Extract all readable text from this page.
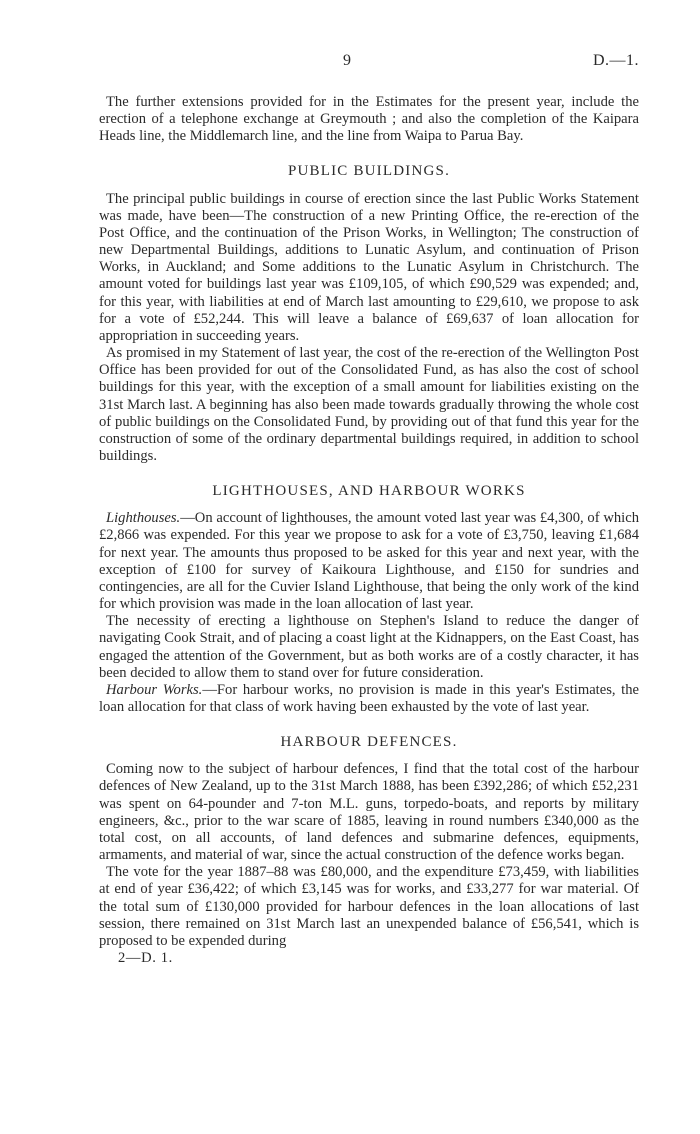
9	D.—1.

The further extensions provided for in the Estimates for the present year, include the erection of a telephone exchange at Greymouth ; and also the completion of the Kaipara Heads line, the Middlemarch line, and the line from Waipa to Parua Bay.

PUBLIC BUILDINGS.

The principal public buildings in course of erection since the last Public Works Statement was made, have been—The construction of a new Printing Office, the re-erection of the Post Office, and the continuation of the Prison Works, in Wellington; The construction of new Departmental Buildings, additions to Lunatic Asylum, and continuation of Prison Works, in Auckland; and Some additions to the Lunatic Asylum in Christchurch. The amount voted for buildings last year was £109,105, of which £90,529 was expended; and, for this year, with liabilities at end of March last amounting to £29,610, we propose to ask for a vote of £52,244. This will leave a balance of £69,637 of loan allocation for appropriation in succeeding years.

As promised in my Statement of last year, the cost of the re-erection of the Wellington Post Office has been provided for out of the Consolidated Fund, as has also the cost of school buildings for this year, with the exception of a small amount for liabilities existing on the 31st March last. A beginning has also been made towards gradually throwing the whole cost of public buildings on the Consolidated Fund, by providing out of that fund this year for the construction of some of the ordinary departmental buildings required, in addition to school buildings.

LIGHTHOUSES, AND HARBOUR WORKS

Lighthouses.—On account of lighthouses, the amount voted last year was £4,300, of which £2,866 was expended. For this year we propose to ask for a vote of £3,750, leaving £1,684 for next year. The amounts thus proposed to be asked for this year and next year, with the exception of £100 for survey of Kaikoura Lighthouse, and £150 for sundries and contingencies, are all for the Cuvier Island Lighthouse, that being the only work of the kind for which provision was made in the loan allocation of last year.

The necessity of erecting a lighthouse on Stephen's Island to reduce the danger of navigating Cook Strait, and of placing a coast light at the Kidnappers, on the East Coast, has engaged the attention of the Government, but as both works are of a costly character, it has been decided to allow them to stand over for future consideration.

Harbour Works.—For harbour works, no provision is made in this year's Estimates, the loan allocation for that class of work having been exhausted by the vote of last year.

HARBOUR DEFENCES.

Coming now to the subject of harbour defences, I find that the total cost of the harbour defences of New Zealand, up to the 31st March 1888, has been £392,286; of which £52,231 was spent on 64-pounder and 7-ton M.L. guns, torpedo-boats, and reports by military engineers, &c., prior to the war scare of 1885, leaving in round numbers £340,000 as the total cost, on all accounts, of land defences and submarine defences, equipments, armaments, and material of war, since the actual construction of the defence works began.

The vote for the year 1887–88 was £80,000, and the expenditure £73,459, with liabilities at end of year £36,422; of which £3,145 was for works, and £33,277 for war material. Of the total sum of £130,000 provided for harbour defences in the loan allocations of last session, there remained on 31st March last an unexpended balance of £56,541, which is proposed to be expended during

2—D. 1.
